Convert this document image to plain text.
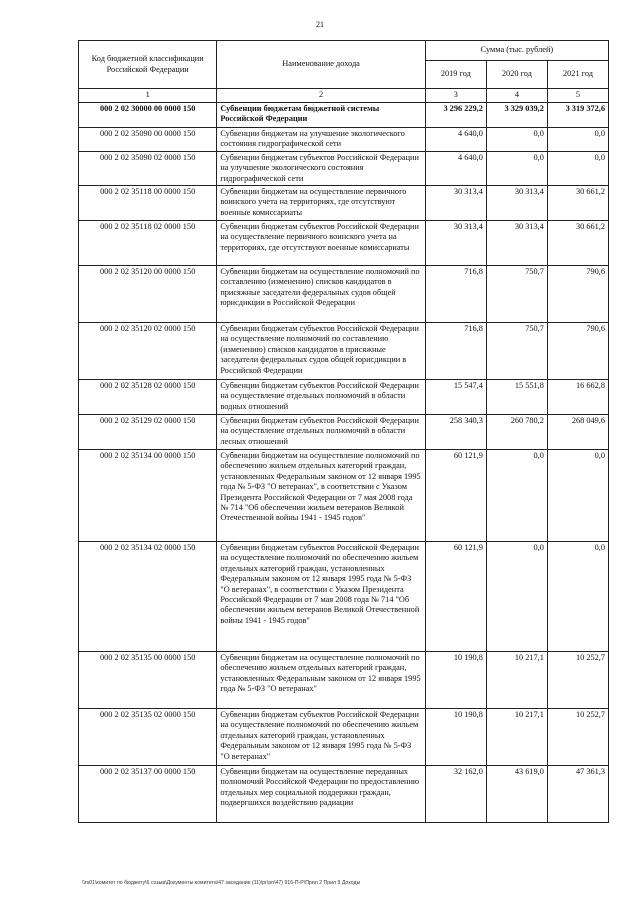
21
Код бюджетной классификации Российской Федерации	Наименование дохода	Сумма (тыс. рублей)		
		2019 год	2020 год	2021 год
1	2	3	4	5
000 2 02 30000 00 0000 150	Субвенции бюджетам бюджетной системы Российской Федерации	3 296 229,2	3 329 039,2	3 319 372,6
000 2 02 35090 00 0000 150	Субвенции бюджетам на улучшение экологического состояния гидрографической сети	4 640,0	0,0	0,0
000 2 02 35090 02 0000 150	Субвенции бюджетам субъектов Российской Федерации на улучшение экологического состояния гидрографической сети	4 640,0	0,0	0,0
000 2 02 35118 00 0000 150	Субвенции бюджетам на осуществление первичного воинского учета на территориях, где отсутствуют военные комиссариаты	30 313,4	30 313,4	30 661,2
000 2 02 35118 02 0000 150	Субвенции бюджетам субъектов Российской Федерации на осуществление первичного воинского учета на территориях, где отсутствуют военные комиссариаты	30 313,4	30 313,4	30 661,2
000 2 02 35120 00 0000 150	Субвенции бюджетам на осуществление полномочий по составлению (изменению) списков кандидатов в присяжные заседатели федеральных судов общей юрисдикции в Российской Федерации	716,8	750,7	790,6
000 2 02 35120 02 0000 150	Субвенции бюджетам субъектов Российской Федерации на осуществление полномочий по составлению (изменению) списков кандидатов в присяжные заседатели федеральных судов общей юрисдикции в Российской Федерации	716,8	750,7	790,6
000 2 02 35128 02 0000 150	Субвенции бюджетам субъектов Российской Федерации на осуществление отдельных полномочий в области водных отношений	15 547,4	15 551,8	16 662,8
000 2 02 35129 02 0000 150	Субвенции бюджетам субъектов Российской Федерации на осуществление отдельных полномочий в области лесных отношений	258 340,3	260 780,2	268 049,6
000 2 02 35134 00 0000 150	Субвенции бюджетам на осуществление полномочий по обеспечению жильем отдельных категорий граждан, установленных Федеральным законом от 12 января 1995 года № 5-ФЗ "О ветеранах", в соответствии с Указом Президента Российской Федерации от 7 мая 2008 года № 714 "Об обеспечении жильем ветеранов Великой Отечественной войны 1941 - 1945 годов"	60 121,9	0,0	0,0
000 2 02 35134 02 0000 150	Субвенции бюджетам субъектов Российской Федерации на осуществление полномочий по обеспечению жильем отдельных категорий граждан, установленных Федеральным законом от 12 января 1995 года № 5-ФЗ "О ветеранах", в соответствии с Указом Президента Российской Федерации от 7 мая 2008 года № 714 "Об обеспечении жильем ветеранов Великой Отечественной войны 1941 - 1945 годов"	60 121,9	0,0	0,0
000 2 02 35135 00 0000 150	Субвенции бюджетам на осуществление полномочий по обеспечению жильем отдельных категорий граждан, установленных Федеральным законом от 12 января 1995 года № 5-ФЗ "О ветеранах"	10 190,8	10 217,1	10 252,7
000 2 02 35135 02 0000 150	Субвенции бюджетам субъектов Российской Федерации на осуществление полномочий по обеспечению жильем отдельных категорий граждан, установленных Федеральным законом от 12 января 1995 года № 5-ФЗ "О ветеранах"	10 190,8	10 217,1	10 252,7
000 2 02 35137 00 0000 150	Субвенции бюджетам на осуществление переданных полномочий Российской Федерации по предоставлению отдельных мер социальной поддержки граждан, подвергшихся воздействию радиации	32 162,0	43 619,0	47 361,3
\\rs01\комитет по бюджету\6 созыв\Документы комитета\47 заседание (11)\pr\pn\47) 916-П-Р\Прил 2 Прил 9 Доходы
